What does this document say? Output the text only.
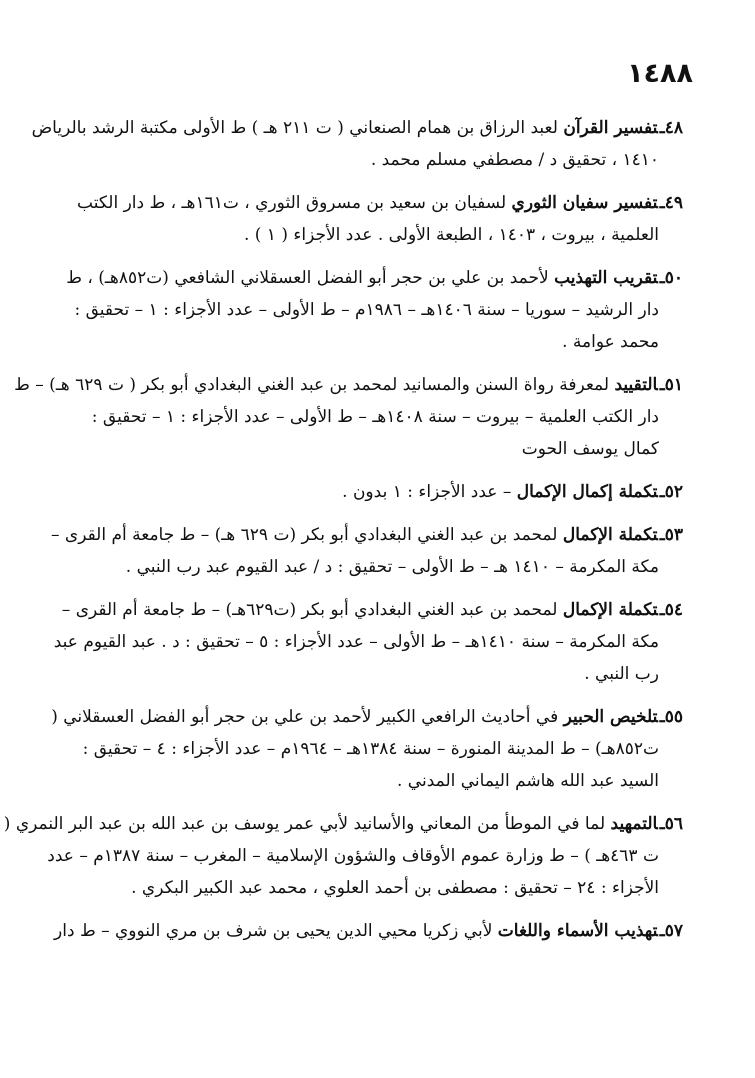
١٤٨٨
٤٨ـتفسير القرآن لعبد الرزاق بن همام الصنعاني ( ت ٢١١ هـ ) ط الأولى مكتبة الرشد بالرياض
١٤١٠ ، تحقيق د / مصطفي مسلم محمد .
٤٩ـتفسير سفيان الثوري لسفيان بن سعيد بن مسروق الثوري ، ت١٦١هـ ، ط دار الكتب
العلمية ، بيروت ، ١٤٠٣ ، الطبعة الأولى . عدد الأجزاء ( ١ ) .
٥٠ـتقريب التهذيب لأحمد بن علي بن حجر أبو الفضل العسقلاني الشافعي (ت٨٥٢هـ) ، ط
دار الرشيد – سوريا – سنة ١٤٠٦هـ – ١٩٨٦م – ط الأولى – عدد الأجزاء : ١ – تحقيق :
محمد عوامة .
٥١ـالتقييد لمعرفة رواة السنن والمسانيد لمحمد بن عبد الغني البغدادي أبو بكر ( ت ٦٢٩ هـ) – ط
دار الكتب العلمية – بيروت – سنة ١٤٠٨هـ – ط الأولى – عدد الأجزاء : ١ – تحقيق :
كمال يوسف الحوت
٥٢ـتكملة إكمال الإكمال – عدد الأجزاء : ١ بدون .
٥٣ـتكملة الإكمال لمحمد بن عبد الغني البغدادي أبو بكر (ت ٦٢٩ هـ) – ط جامعة أم القرى –
مكة المكرمة – ١٤١٠ هـ – ط الأولى – تحقيق : د / عبد القيوم عبد رب النبي .
٥٤ـتكملة الإكمال لمحمد بن عبد الغني البغدادي أبو بكر (ت٦٢٩هـ) – ط جامعة أم القرى –
مكة المكرمة – سنة ١٤١٠هـ – ط الأولى – عدد الأجزاء : ٥ – تحقيق : د . عبد القيوم عبد
رب النبي .
٥٥ـتلخيص الحبير في أحاديث الرافعي الكبير لأحمد بن علي بن حجر أبو الفضل العسقلاني (
ت٨٥٢هـ) – ط المدينة المنورة – سنة ١٣٨٤هـ – ١٩٦٤م – عدد الأجزاء : ٤ – تحقيق :
السيد عبد الله هاشم اليماني المدني .
٥٦ـالتمهيد لما في الموطأ من المعاني والأسانيد لأبي عمر يوسف بن عبد الله بن عبد البر النمري (
ت ٤٦٣هـ ) – ط وزارة عموم الأوقاف والشؤون الإسلامية – المغرب – سنة ١٣٨٧م – عدد
الأجزاء : ٢٤ – تحقيق : مصطفى بن أحمد العلوي ، محمد عبد الكبير البكري .
٥٧ـتهذيب الأسماء واللغات لأبي زكريا محيي الدين يحيى بن شرف بن مري النووي – ط دار
